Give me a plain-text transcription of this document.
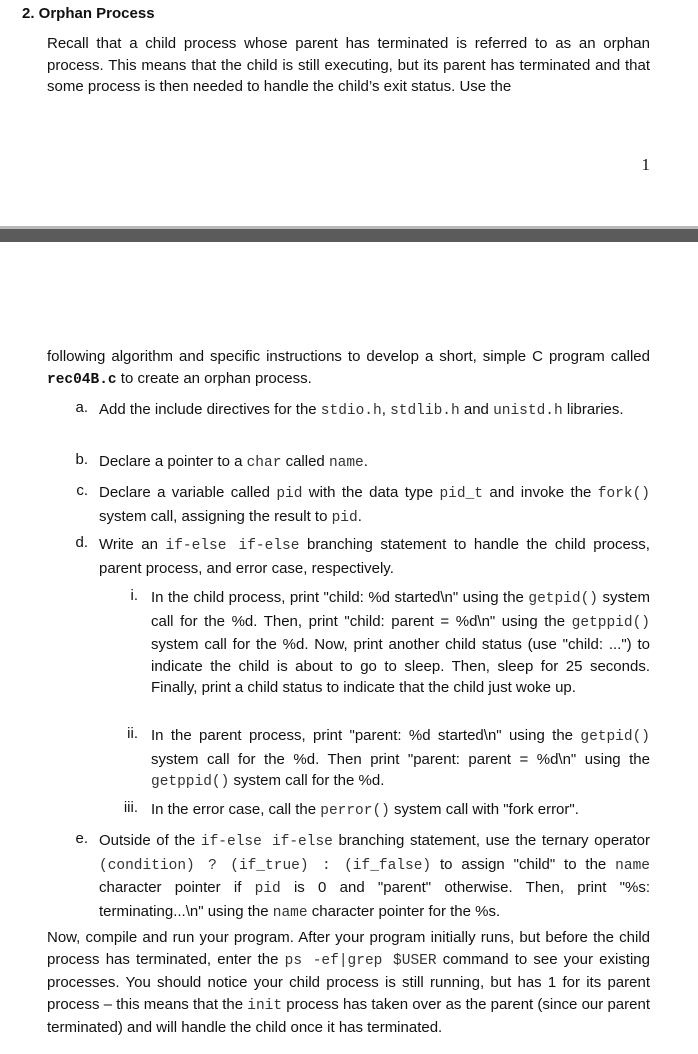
2. Orphan Process
Recall that a child process whose parent has terminated is referred to as an orphan process. This means that the child is still executing, but its parent has terminated and that some process is then needed to handle the child’s exit status. Use the
1
following algorithm and specific instructions to develop a short, simple C program called rec04B.c to create an orphan process.
a. Add the include directives for the stdio.h, stdlib.h and unistd.h libraries.
b. Declare a pointer to a char called name.
c. Declare a variable called pid with the data type pid_t and invoke the fork() system call, assigning the result to pid.
d. Write an if-else if-else branching statement to handle the child process, parent process, and error case, respectively.
i. In the child process, print "child: %d started\n" using the getpid() system call for the %d. Then, print "child: parent = %d\n" using the getppid() system call for the %d. Now, print another child status (use "child: ...") to indicate the child is about to go to sleep. Then, sleep for 25 seconds. Finally, print a child status to indicate that the child just woke up.
ii. In the parent process, print "parent: %d started\n" using the getpid() system call for the %d. Then print "parent: parent = %d\n" using the getppid() system call for the %d.
iii. In the error case, call the perror() system call with "fork error".
e. Outside of the if-else if-else branching statement, use the ternary operator (condition) ? (if_true) : (if_false) to assign "child" to the name character pointer if pid is 0 and "parent" otherwise. Then, print "%s: terminating...\n" using the name character pointer for the %s.
Now, compile and run your program. After your program initially runs, but before the child process has terminated, enter the ps -ef|grep $USER command to see your existing processes. You should notice your child process is still running, but has 1 for its parent process – this means that the init process has taken over as the parent (since our parent terminated) and will handle the child once it has terminated.
